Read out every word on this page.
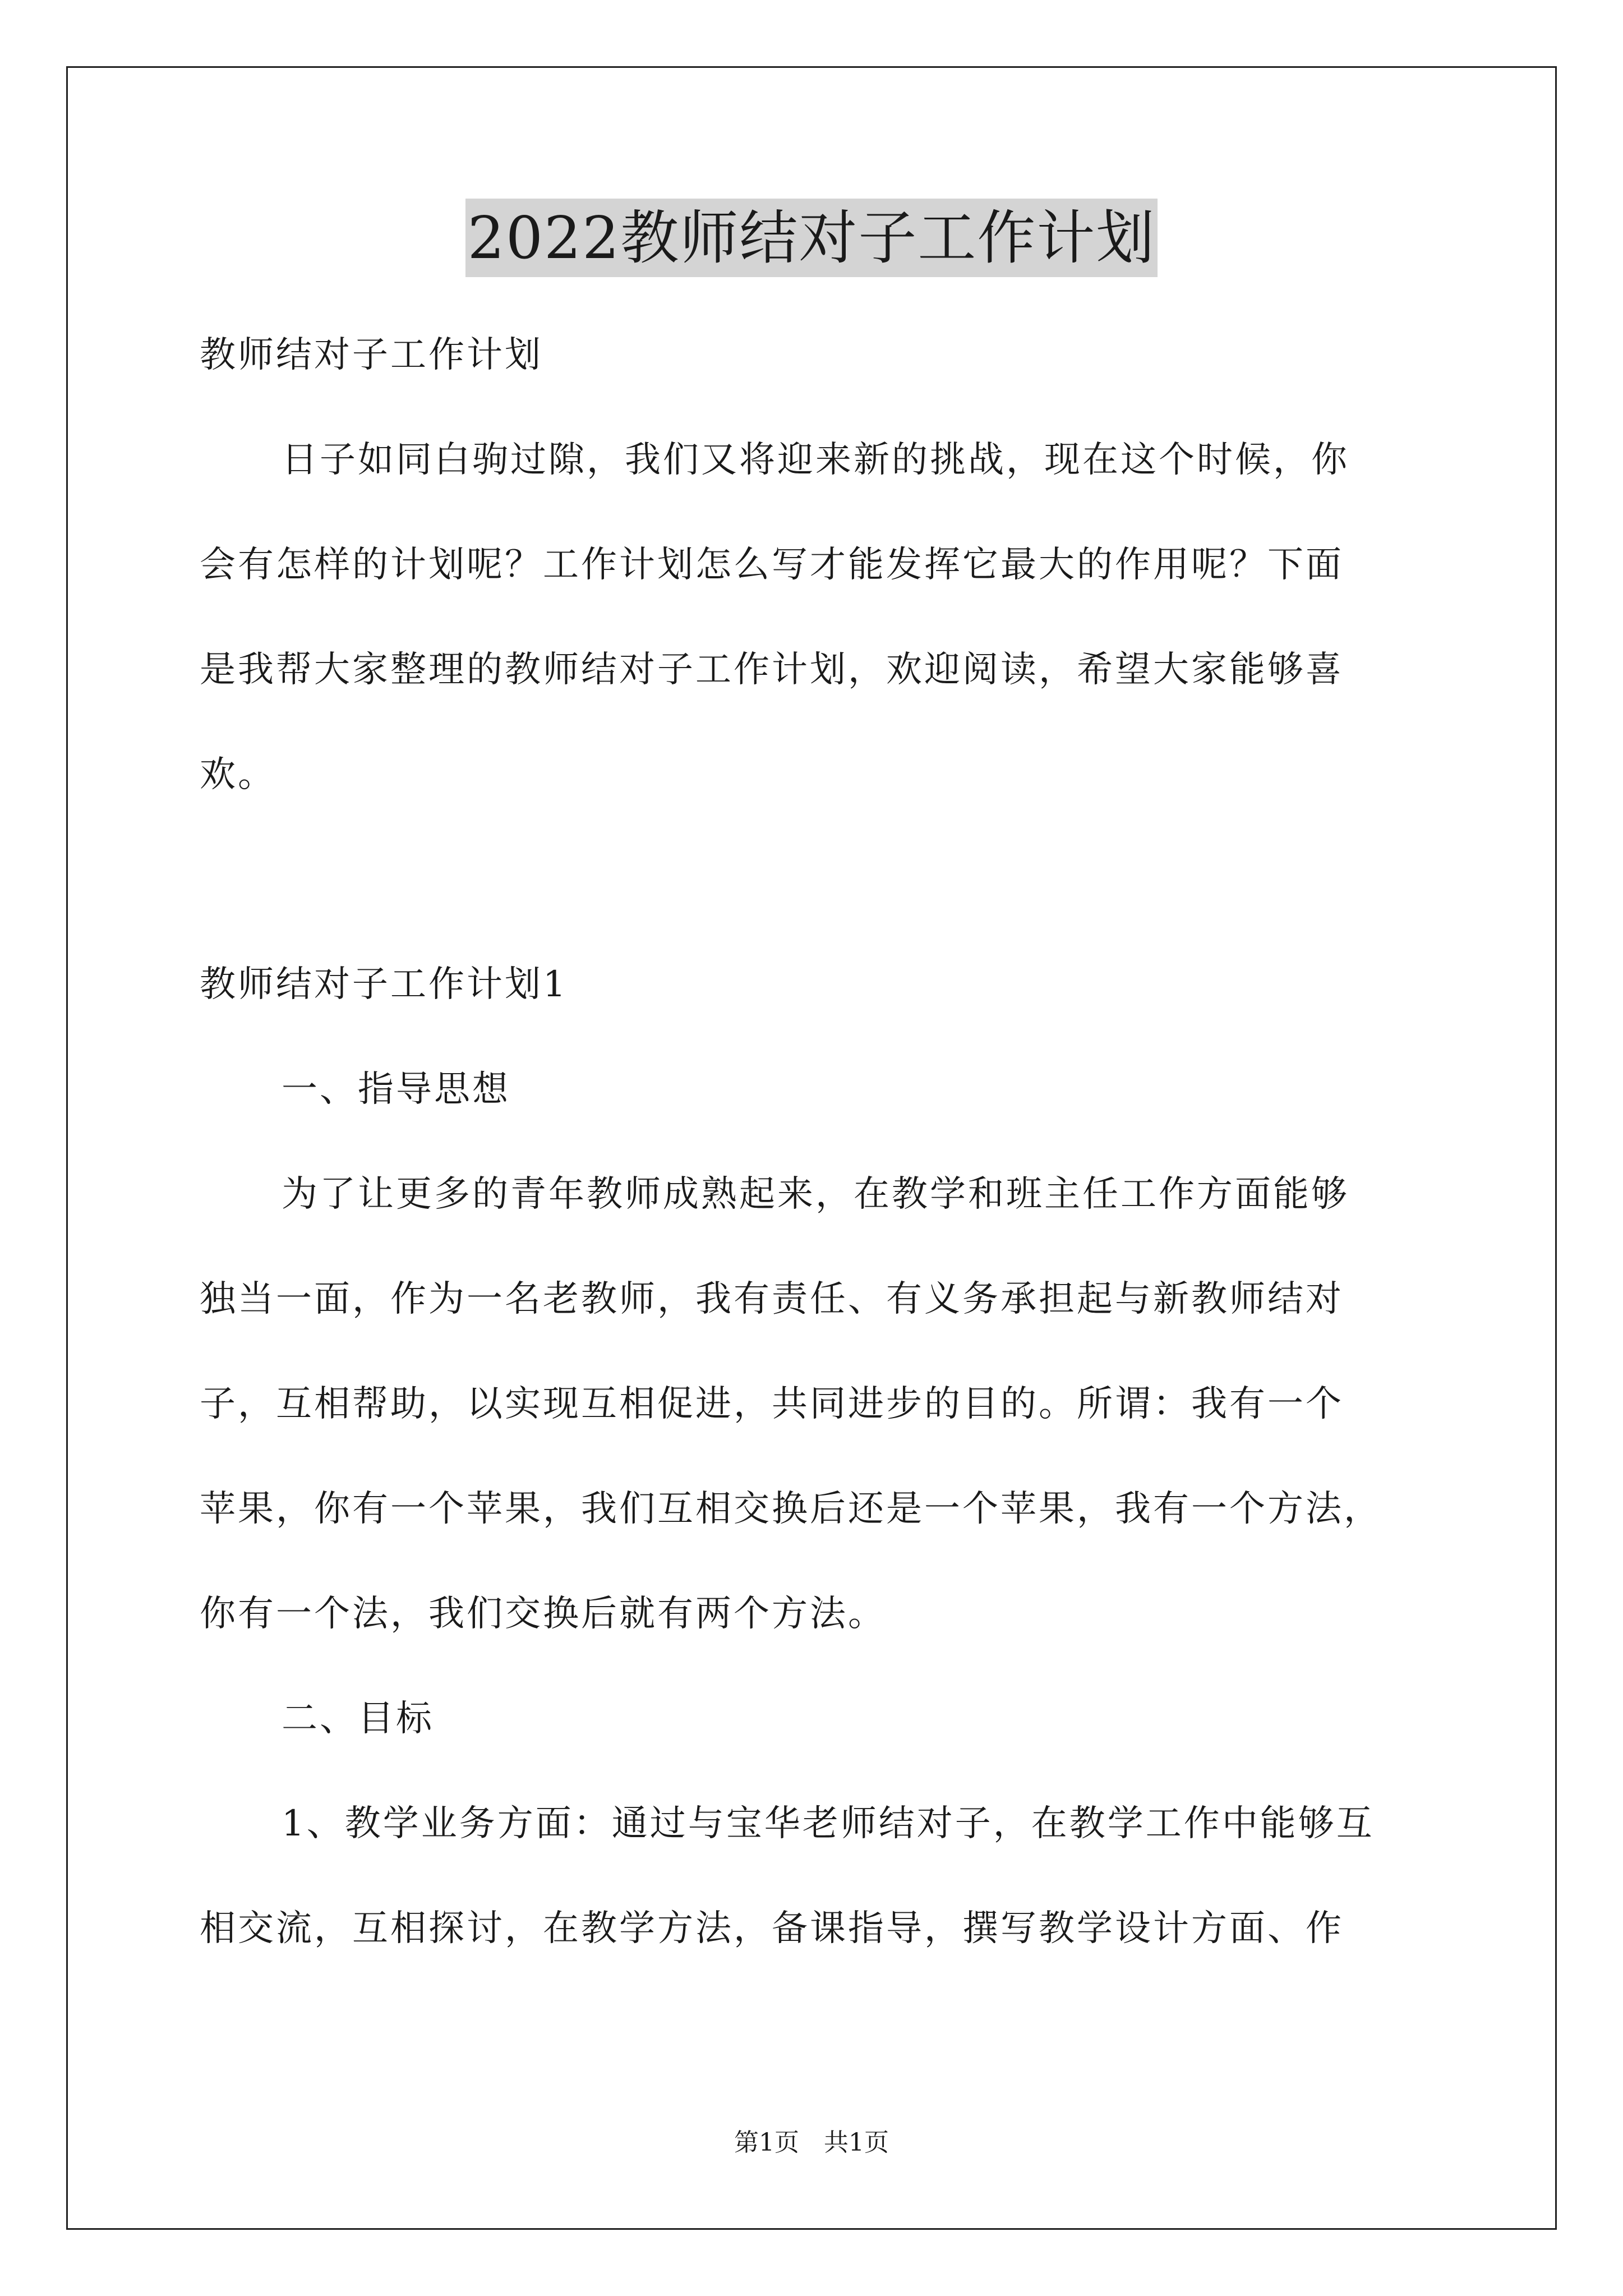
2022教师结对子工作计划
教师结对子工作计划
日子如同白驹过隙，我们又将迎来新的挑战，现在这个时候，你
会有怎样的计划呢？工作计划怎么写才能发挥它最大的作用呢？下面
是我帮大家整理的教师结对子工作计划，欢迎阅读，希望大家能够喜
欢。
教师结对子工作计划1
一、指导思想
为了让更多的青年教师成熟起来，在教学和班主任工作方面能够
独当一面，作为一名老教师，我有责任、有义务承担起与新教师结对
子，互相帮助，以实现互相促进，共同进步的目的。所谓：我有一个
苹果，你有一个苹果，我们互相交换后还是一个苹果，我有一个方法，
你有一个法，我们交换后就有两个方法。
二、目标
1、教学业务方面：通过与宝华老师结对子，在教学工作中能够互
相交流，互相探讨，在教学方法，备课指导，撰写教学设计方面、作
第1页 共1页
